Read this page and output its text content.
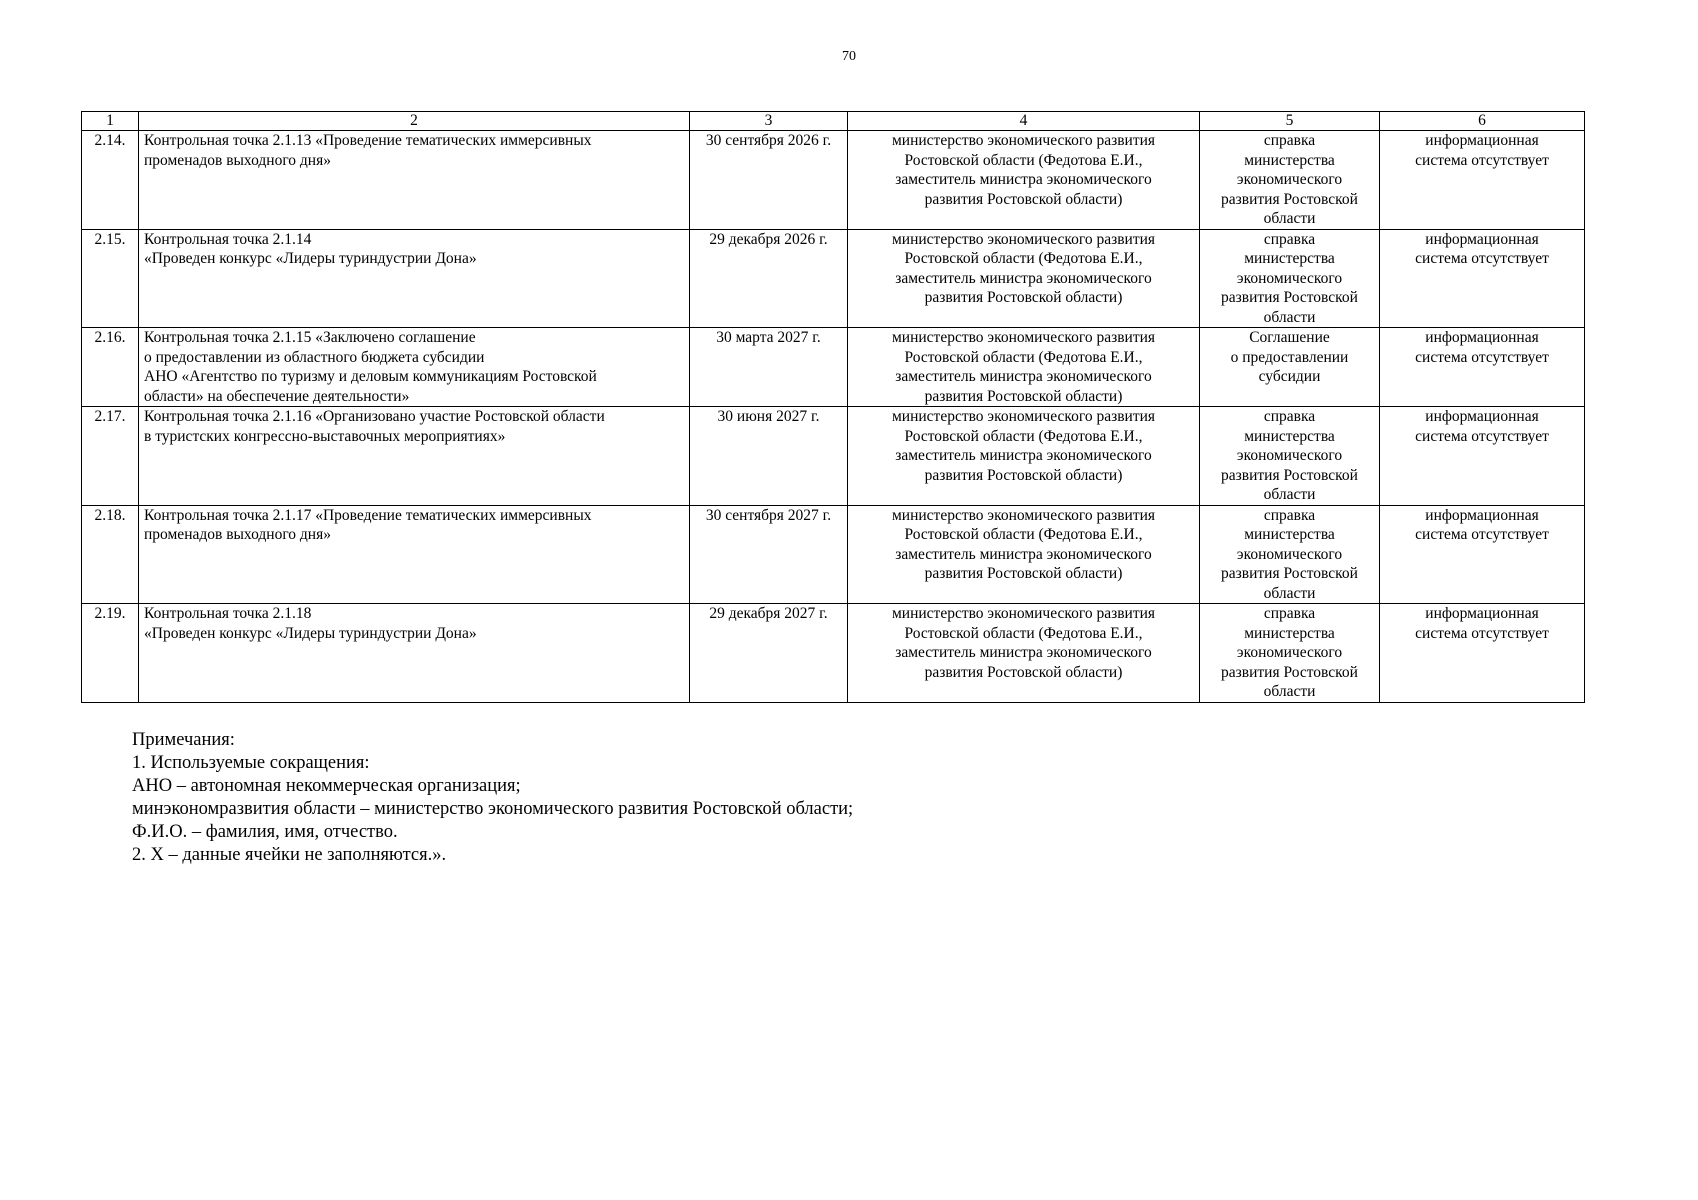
70
1	2	3	4	5	6
2.14.	Контрольная точка 2.1.13 «Проведение тематических иммерсивных
променадов выходного дня»	30 сентября 2026 г.	министерство экономического развития
Ростовской области (Федотова Е.И.,
заместитель министра экономического
развития Ростовской области)	справка
министерства
экономического
развития Ростовской
области	информационная
система отсутствует

2.15.	Контрольная точка 2.1.14
«Проведен конкурс «Лидеры туриндустрии Дона»	29 декабря 2026 г.	министерство экономического развития
Ростовской области (Федотова Е.И.,
заместитель министра экономического
развития Ростовской области)	справка
министерства
экономического
развития Ростовской
области	информационная
система отсутствует

2.16.	Контрольная точка 2.1.15 «Заключено соглашение
о предоставлении из областного бюджета субсидии
АНО «Агентство по туризму и деловым коммуникациям Ростовской
области» на обеспечение деятельности»	30 марта 2027 г.	министерство экономического развития
Ростовской области (Федотова Е.И.,
заместитель министра экономического
развития Ростовской области)	Соглашение
о предоставлении
субсидии	информационная
система отсутствует

2.17.	Контрольная точка 2.1.16 «Организовано участие Ростовской области
в туристских конгрессно-выставочных мероприятиях»	30 июня 2027 г.	министерство экономического развития
Ростовской области (Федотова Е.И.,
заместитель министра экономического
развития Ростовской области)	справка
министерства
экономического
развития Ростовской
области	информационная
система отсутствует

2.18.	Контрольная точка 2.1.17 «Проведение тематических иммерсивных
променадов выходного дня»	30 сентября 2027 г.	министерство экономического развития
Ростовской области (Федотова Е.И.,
заместитель министра экономического
развития Ростовской области)	справка
министерства
экономического
развития Ростовской
области	информационная
система отсутствует

2.19.	Контрольная точка 2.1.18
«Проведен конкурс «Лидеры туриндустрии Дона»	29 декабря 2027 г.	министерство экономического развития
Ростовской области (Федотова Е.И.,
заместитель министра экономического
развития Ростовской области)	справка
министерства
экономического
развития Ростовской
области	информационная
система отсутствует
Примечания:
1. Используемые сокращения:
АНО – автономная некоммерческая организация;
минэкономразвития области – министерство экономического развития Ростовской области;
Ф.И.О. – фамилия, имя, отчество.
2. X – данные ячейки не заполняются.».
